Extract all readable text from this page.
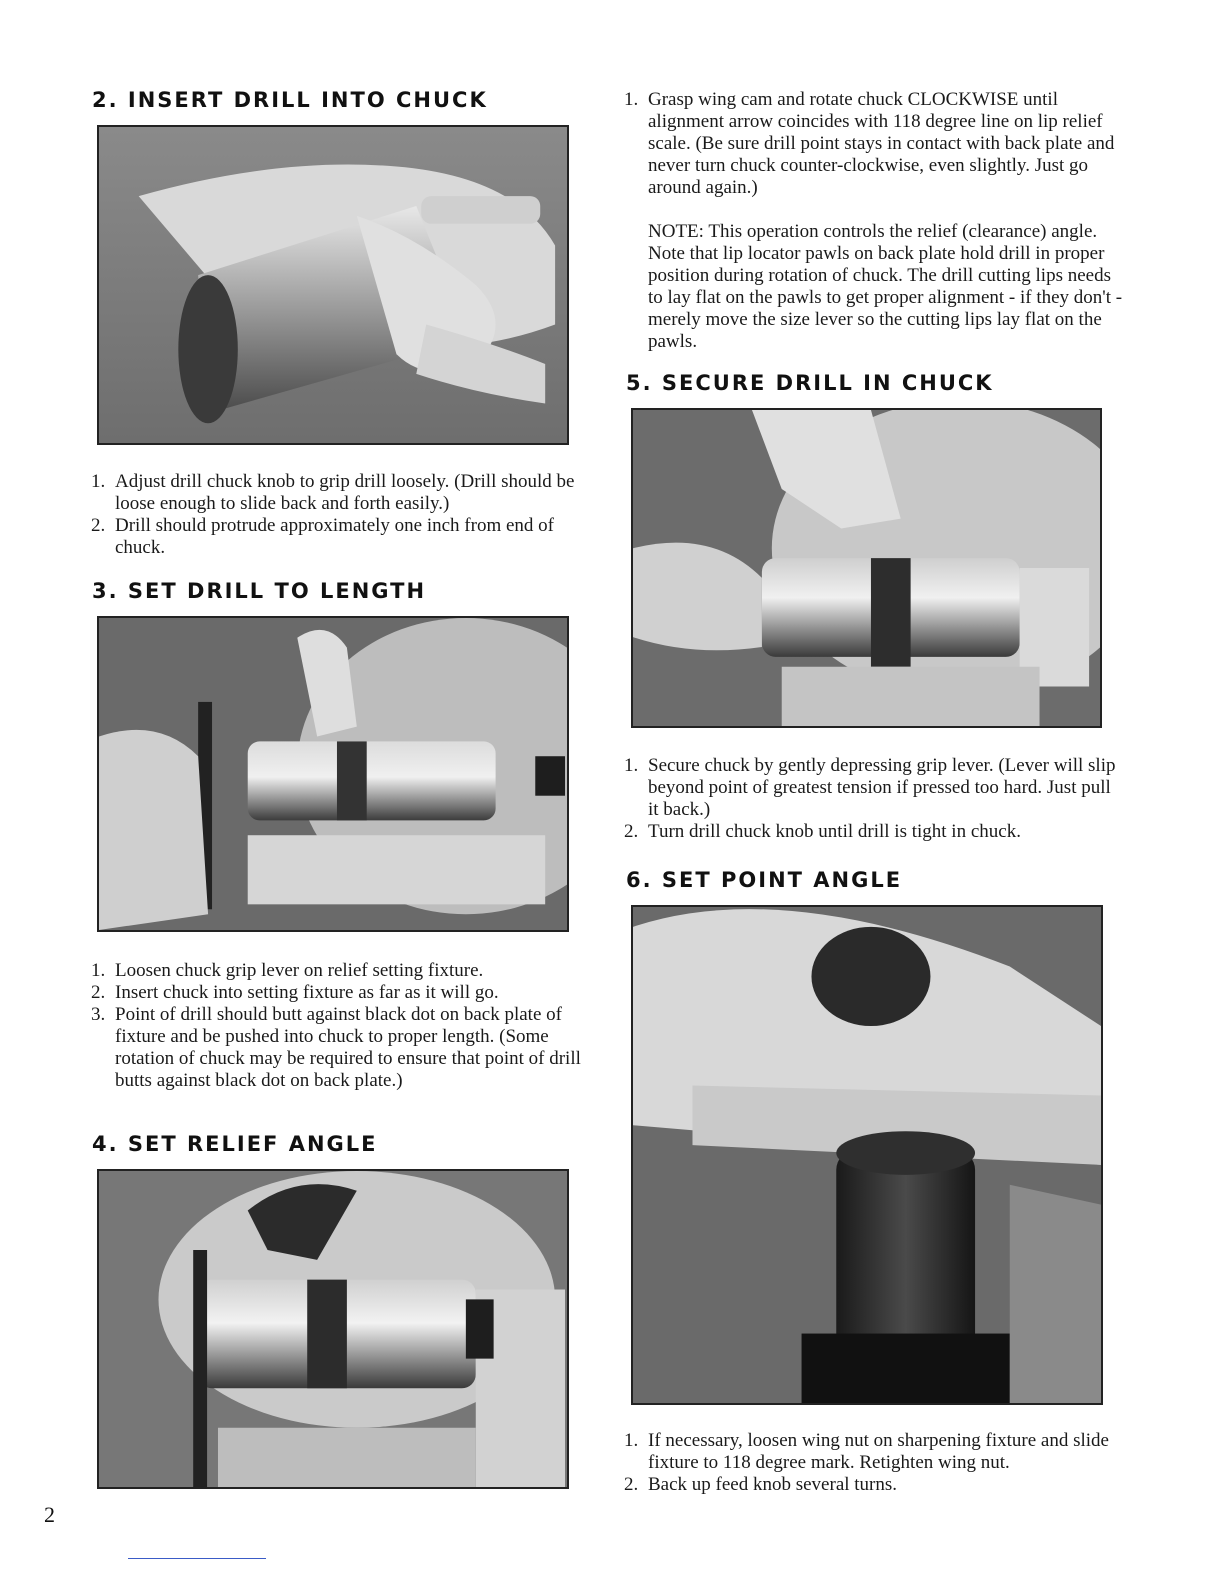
2. INSERT DRILL INTO CHUCK
1. Adjust drill chuck knob to grip drill loosely. (Drill should be loose enough to slide back and forth easily.)
2. Drill should protrude approximately one inch from end of chuck.
3. SET DRILL TO LENGTH
1. Loosen chuck grip lever on relief setting fixture.
2. Insert chuck into setting fixture as far as it will go.
3. Point of drill should butt against black dot on back plate of fixture and be pushed into chuck to proper length. (Some rotation of chuck may be required to ensure that point of drill butts against black dot on back plate.)
4. SET RELIEF ANGLE
1. Grasp wing cam and rotate chuck CLOCKWISE until alignment arrow coincides with 118 degree line on lip relief scale. (Be sure drill point stays in contact with back plate and never turn chuck counter-clockwise, even slightly. Just go around again.)
NOTE: This operation controls the relief (clearance) angle. Note that lip locator pawls on back plate hold drill in proper position during rotation of chuck. The drill cutting lips needs to lay flat on the pawls to get proper alignment - if they don't - merely move the size lever so the cutting lips lay flat on the pawls.
5. SECURE DRILL IN CHUCK
1. Secure chuck by gently depressing grip lever. (Lever will slip beyond point of greatest tension if pressed too hard. Just pull it back.)
2. Turn drill chuck knob until drill is tight in chuck.
6. SET POINT ANGLE
1. If necessary, loosen wing nut on sharpening fixture and slide fixture to 118 degree mark. Retighten wing nut.
2. Back up feed knob several turns.
2
